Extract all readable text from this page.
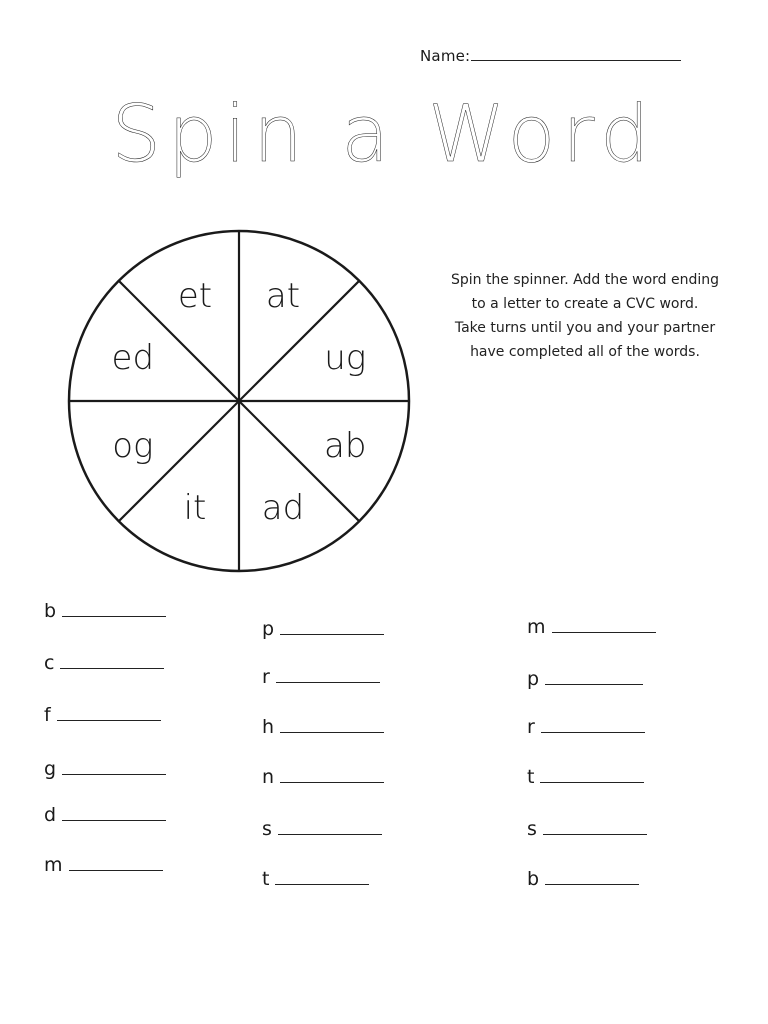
Name:
Spin a Word
at
ug
ab
ad
it
og
ed
et	Spin the spinner. Add the word ending
to a letter to create a CVC word.
Take turns until you and your partner
have completed all of the words.
b
c
f
g
d
m
p
r
h
n
s
t
m
p
r
t
s
b
